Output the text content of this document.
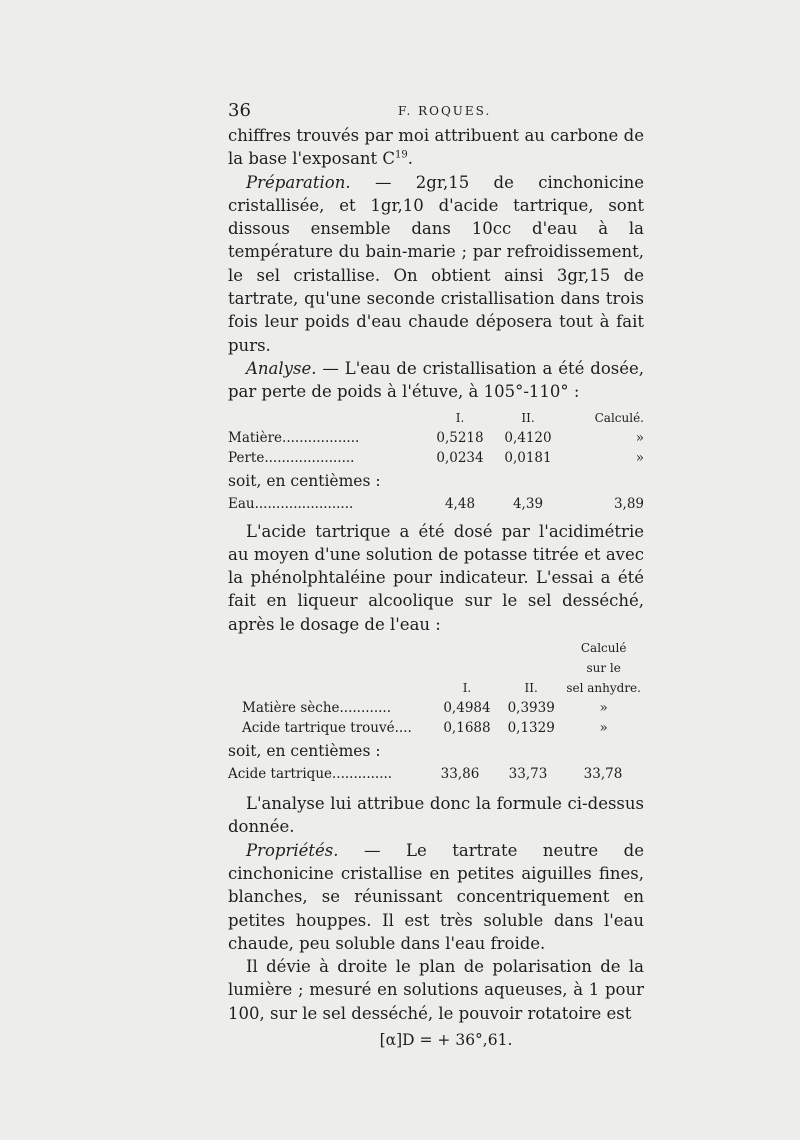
36	F. ROQUES.

chiffres trouvés par moi attribuent au carbone de la base l'exposant $C^{19}$.

Préparation. — 2gr,15 de cinchonicine cristallisée, et 1gr,10 d'acide tartrique, sont dissous ensemble dans 10cc d'eau à la température du bain-marie ; par refroidissement, le sel cristallise. On obtient ainsi 3gr,15 de tartrate, qu'une seconde cristallisation dans trois fois leur poids d'eau chaude déposera tout à fait purs.

Analyse. — L'eau de cristallisation a été dosée, par perte de poids à l'étuve, à 105°-110° :

	I.	II.	Calculé.
Matière..................	0,5218	0,4120	»
Perte.....................	0,0234	0,0181	»
soit, en centièmes :
Eau.......................	4,48	4,39	3,89

L'acide tartrique a été dosé par l'acidimétrie au moyen d'une solution de potasse titrée et avec la phénolphtaléine pour indicateur. L'essai a été fait en liqueur alcoolique sur le sel desséché, après le dosage de l'eau :

			Calculé
			sur le
	I.	II.	sel anhydre.
Matière sèche............	0,4984	0,3939	»
Acide tartrique trouvé....	0,1688	0,1329	»
soit, en centièmes :
Acide tartrique..............	33,86	33,73	33,78

L'analyse lui attribue donc la formule ci-dessus donnée.

Propriétés. — Le tartrate neutre de cinchonicine cristallise en petites aiguilles fines, blanches, se réunissant concentriquement en petites houppes. Il est très soluble dans l'eau chaude, peu soluble dans l'eau froide.

Il dévie à droite le plan de polarisation de la lumière ; mesuré en solutions aqueuses, à 1 pour 100, sur le sel desséché, le pouvoir rotatoire est

[α]D = + 36°,61.
